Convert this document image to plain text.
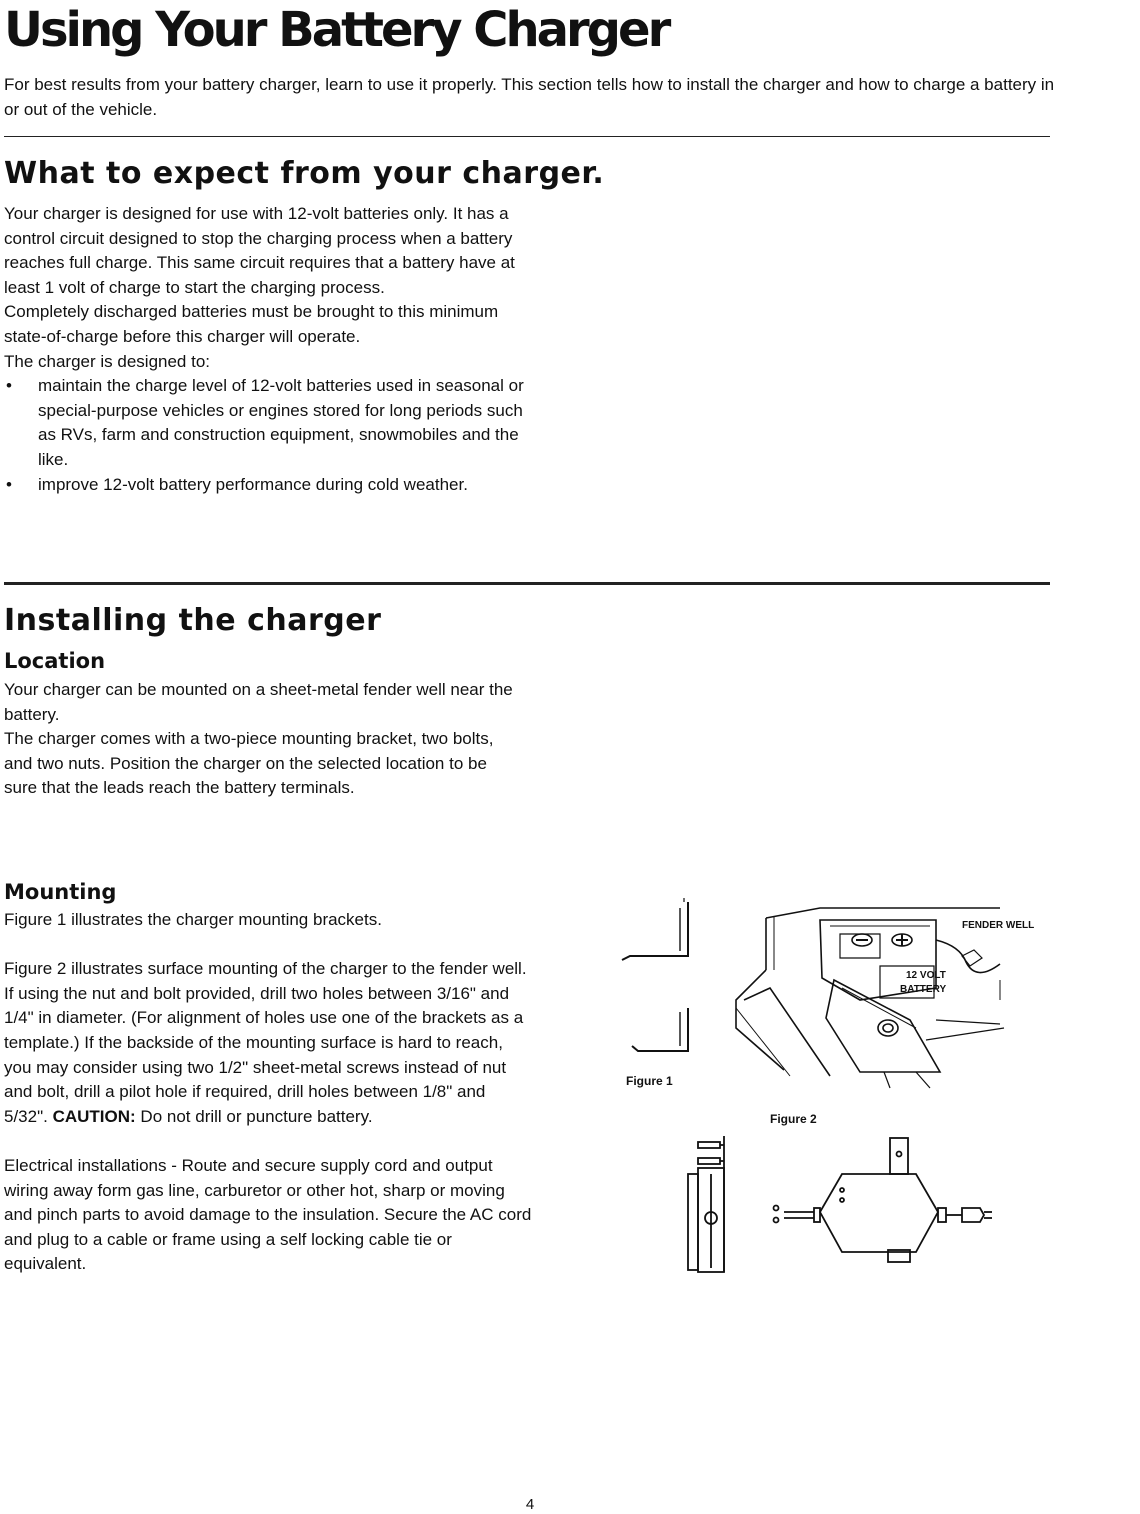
Using Your Battery Charger
For best results from your battery charger, learn to use it properly. This section tells how to install the charger and how to charge a battery in or out of the vehicle.
What to expect from your charger.

Your charger is designed for use with 12-volt batteries only. It has a control circuit designed to stop the charging process when a battery reaches full charge. This same circuit requires that a battery have at least 1 volt of charge to start the charging process.

Completely discharged batteries must be brought to this minimum state-of-charge before this charger will operate.

The charger is designed to:

• maintain the charge level of 12-volt batteries used in seasonal or special-purpose vehicles or engines stored for long periods such as RVs, farm and construction equipment, snowmobiles and the like.
• improve 12-volt battery performance during cold weather.
Installing the charger
Location

Your charger can be mounted on a sheet-metal fender well near the battery.

The charger comes with a two-piece mounting bracket, two bolts, and two nuts. Position the charger on the selected location to be sure that the leads reach the battery terminals.

Mounting

Figure 1 illustrates the charger mounting brackets.

Figure 2 illustrates surface mounting of the charger to the fender well. If using the nut and bolt provided, drill two holes between 3/16" and 1/4" in diameter. (For alignment of holes use one of the brackets as a template.) If the backside of the mounting surface is hard to reach, you may consider using two 1/2" sheet-metal screws instead of nut and bolt, drill a pilot hole if required, drill holes between 1/8" and 5/32". CAUTION: Do not drill or puncture battery.

Electrical installations - Route and secure supply cord and output wiring away form gas line, carburetor or other hot, sharp or moving and pinch parts to avoid damage to the insulation. Secure the AC cord and plug to a cable or frame using a self locking cable tie or equivalent.

Figure 1
FENDER WELL
12 VOLT
BATTERY
Figure 2
4
